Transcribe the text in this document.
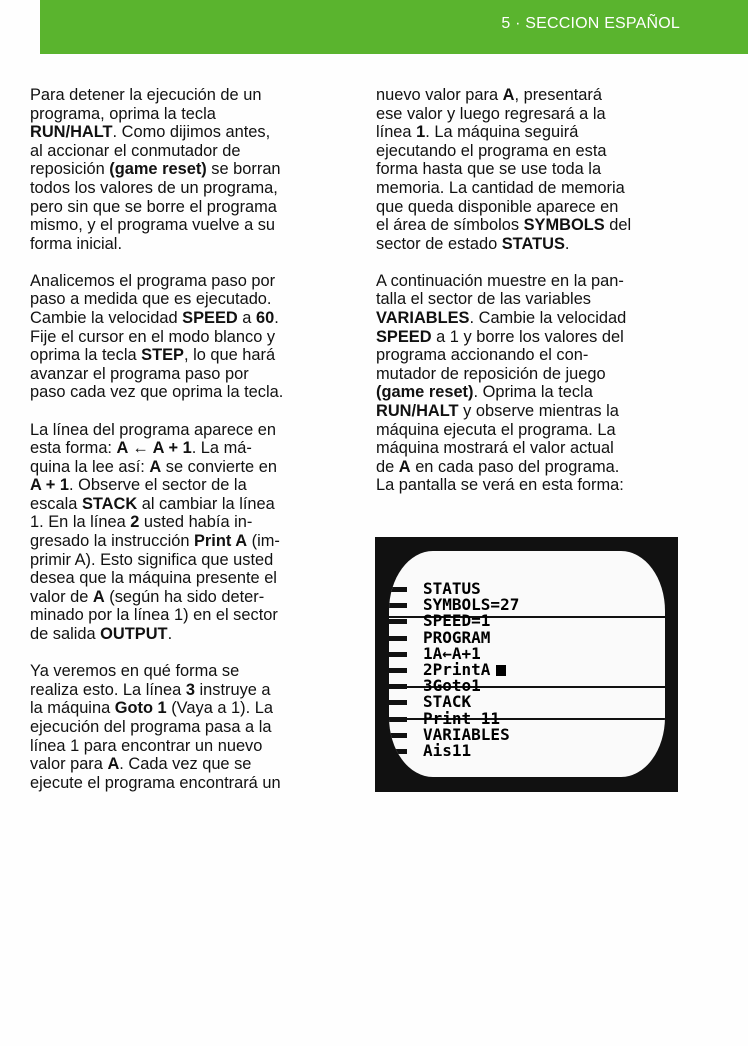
5 · SECCION ESPAÑOL

Para detener la ejecución de un
programa, oprima la tecla
RUN/HALT. Como dijimos antes,
al accionar el conmutador de
reposición (game reset) se borran
todos los valores de un programa,
pero sin que se borre el programa
mismo, y el programa vuelve a su
forma inicial.

Analicemos el programa paso por
paso a medida que es ejecutado.
Cambie la velocidad SPEED a 60.
Fije el cursor en el modo blanco y
oprima la tecla STEP, lo que hará
avanzar el programa paso por
paso cada vez que oprima la tecla.

La línea del programa aparece en
esta forma: A ← A + 1. La má-
quina la lee así: A se convierte en
A + 1. Observe el sector de la
escala STACK al cambiar la línea
1. En la línea 2 usted había in-
gresado la instrucción Print A (im-
primir A). Esto significa que usted
desea que la máquina presente el
valor de A (según ha sido deter-
minado por la línea 1) en el sector
de salida OUTPUT.

Ya veremos en qué forma se
realiza esto. La línea 3 instruye a
la máquina Goto 1 (Vaya a 1). La
ejecución del programa pasa a la
línea 1 para encontrar un nuevo
valor para A. Cada vez que se
ejecute el programa encontrará un

nuevo valor para A, presentará
ese valor y luego regresará a la
línea 1. La máquina seguirá
ejecutando el programa en esta
forma hasta que se use toda la
memoria. La cantidad de memoria
que queda disponible aparece en
el área de símbolos SYMBOLS del
sector de estado STATUS.

A continuación muestre en la pan-
talla el sector de las variables
VARIABLES. Cambie la velocidad
SPEED a 1 y borre los valores del
programa accionando el con-
mutador de reposición de juego
(game reset). Oprima la tecla
RUN/HALT y observe mientras la
máquina ejecuta el programa. La
máquina mostrará el valor actual
de A en cada paso del programa.
La pantalla se verá en esta forma:

STATUS
SYMBOLS=27
SPEED=1
PROGRAM
1A←A+1
2PrintA
3Goto1
STACK
Print 11
VARIABLES
Ais11
